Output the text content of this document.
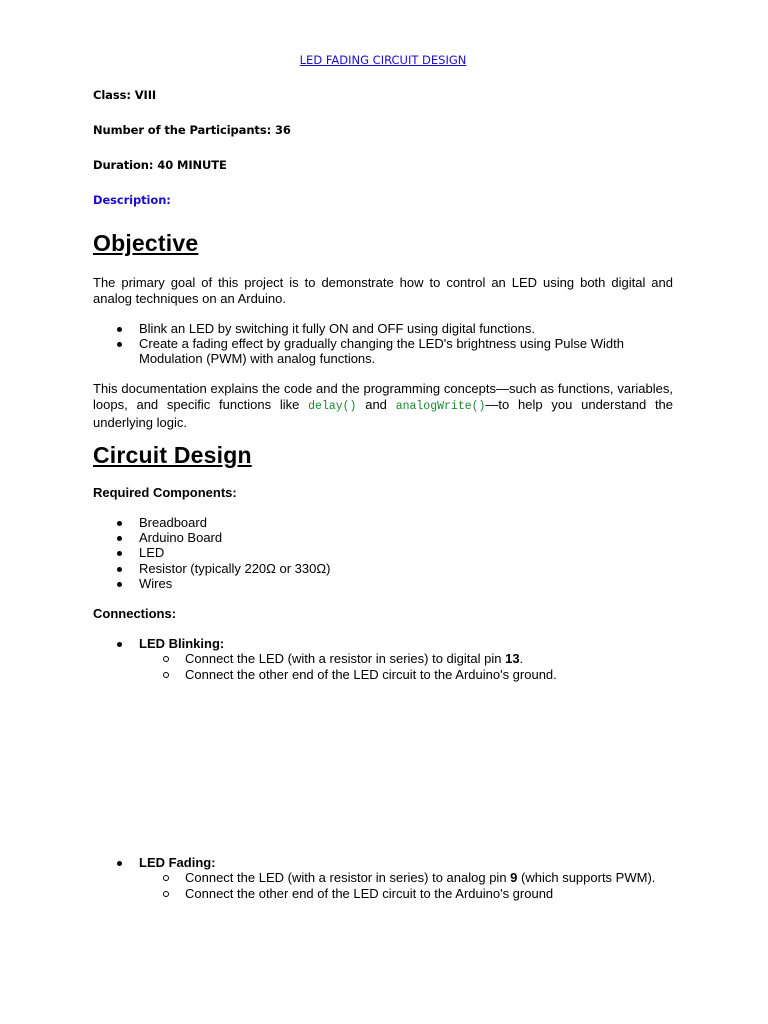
LED FADING CIRCUIT DESIGN
Class: VIII
Number of the Participants: 36
Duration: 40 MINUTE
Description:
Objective
The primary goal of this project is to demonstrate how to control an LED using both digital and analog techniques on an Arduino.
Blink an LED by switching it fully ON and OFF using digital functions.
Create a fading effect by gradually changing the LED's brightness using Pulse Width Modulation (PWM) with analog functions.
This documentation explains the code and the programming concepts—such as functions, variables, loops, and specific functions like delay() and analogWrite()—to help you understand the underlying logic.
Circuit Design
Required Components:
Breadboard
Arduino Board
LED
Resistor (typically 220Ω or 330Ω)
Wires
Connections:
LED Blinking:
Connect the LED (with a resistor in series) to digital pin 13.
Connect the other end of the LED circuit to the Arduino's ground.
LED Fading:
Connect the LED (with a resistor in series) to analog pin 9 (which supports PWM).
Connect the other end of the LED circuit to the Arduino's ground
